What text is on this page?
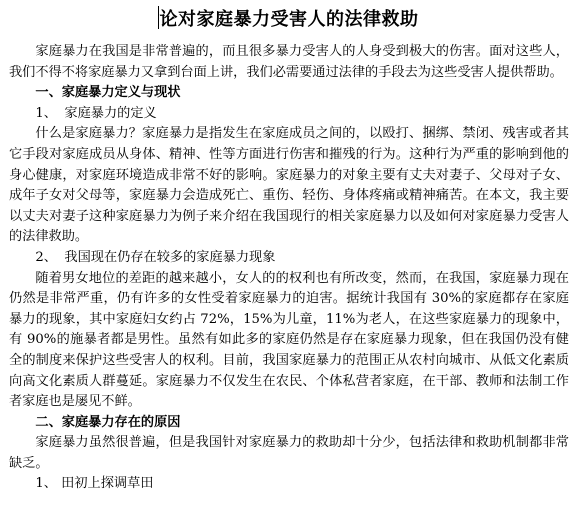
论对家庭暴力受害人的法律救助

家庭暴力在我国是非常普遍的，而且很多暴力受害人的人身受到极大的伤害。面对这些人，我们不得不将家庭暴力又拿到台面上讲，我们必需要通过法律的手段去为这些受害人提供帮助。

一、家庭暴力定义与现状

1、 家庭暴力的定义

什么是家庭暴力？家庭暴力是指发生在家庭成员之间的，以殴打、捆绑、禁闭、残害或者其它手段对家庭成员从身体、精神、性等方面进行伤害和摧残的行为。这种行为严重的影响到他的身心健康，对家庭环境造成非常不好的影响。家庭暴力的对象主要有丈夫对妻子、父母对子女、成年子女对父母等，家庭暴力会造成死亡、重伤、轻伤、身体疼痛或精神痛苦。在本文，我主要以丈夫对妻子这种家庭暴力为例子来介绍在我国现行的相关家庭暴力以及如何对家庭暴力受害人的法律救助。

2、 我国现在仍存在较多的家庭暴力现象

随着男女地位的差距的越来越小，女人的的权利也有所改变，然而，在我国，家庭暴力现在仍然是非常严重，仍有许多的女性受着家庭暴力的迫害。据统计我国有 30%的家庭都存在家庭暴力的现象，其中家庭妇女约占 72%，15%为儿童，11%为老人，在这些家庭暴力的现象中，有 90%的施暴者都是男性。虽然有如此多的家庭仍然是存在家庭暴力现象，但在我国仍没有健全的制度来保护这些受害人的权利。目前，我国家庭暴力的范围正从农村向城市、从低文化素质向高文化素质人群蔓延。家庭暴力不仅发生在农民、个体私营者家庭，在干部、教师和法制工作者家庭也是屡见不鲜。

二、家庭暴力存在的原因

家庭暴力虽然很普遍，但是我国针对家庭暴力的救助却十分少，包括法律和救助机制都非常缺乏。

1、 田初上探调草田
